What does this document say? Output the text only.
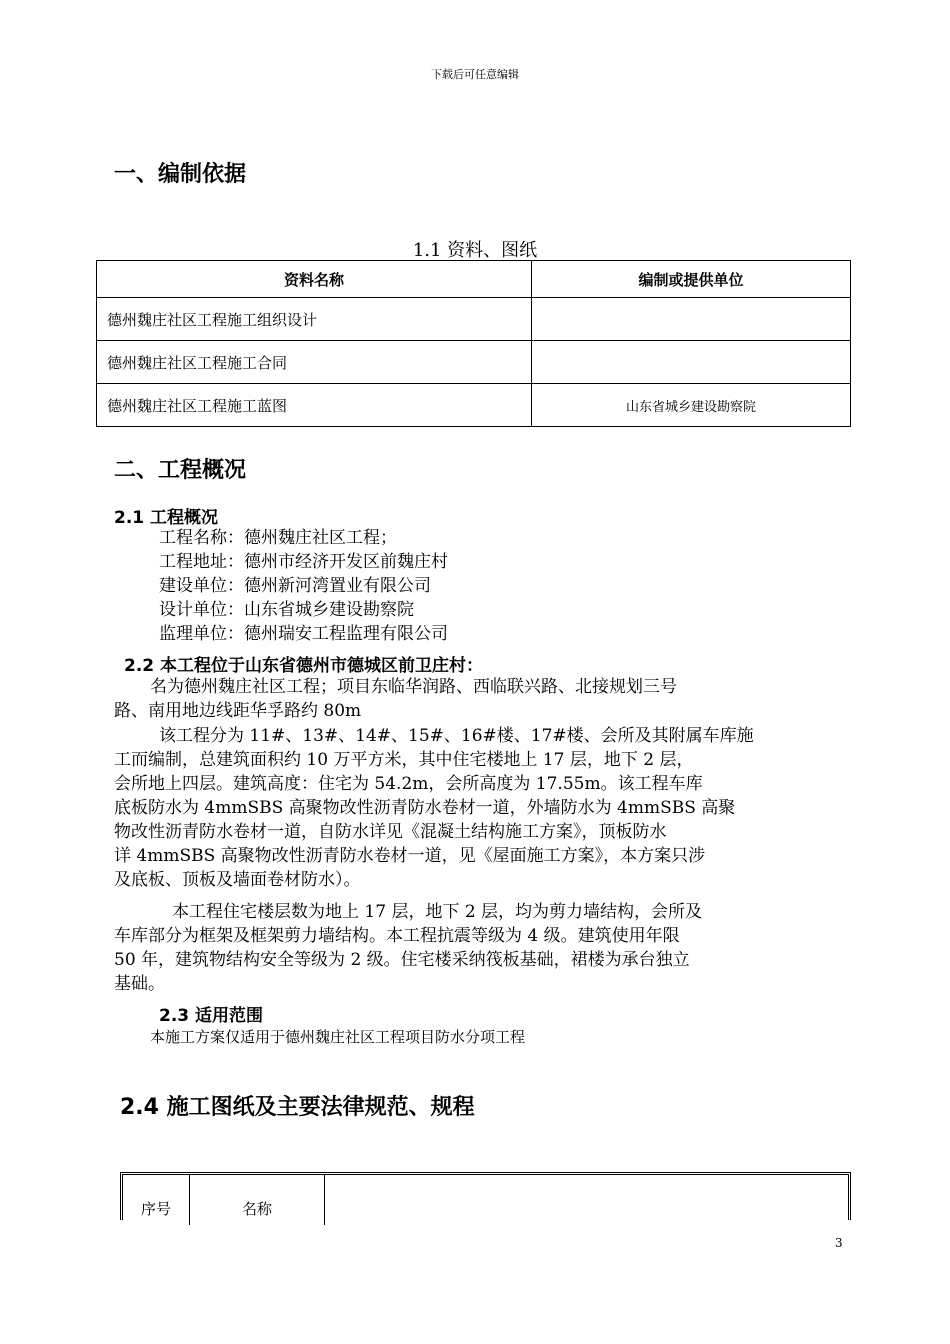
下载后可任意编辑
一、编制依据
1.1 资料、图纸
资料名称	编制或提供单位
德州魏庄社区工程施工组织设计	
德州魏庄社区工程施工合同	
德州魏庄社区工程施工蓝图	山东省城乡建设勘察院
二、工程概况
2.1 工程概况
工程名称：德州魏庄社区工程；
工程地址：德州市经济开发区前魏庄村
建设单位：德州新河湾置业有限公司
设计单位：山东省城乡建设勘察院
监理单位：德州瑞安工程监理有限公司
2.2 本工程位于山东省德州市德城区前卫庄村：
名为德州魏庄社区工程；项目东临华润路、西临联兴路、北接规划三号
路、南用地边线距华孚路约 80m
该工程分为 11#、13#、14#、15#、16#楼、17#楼、会所及其附属车库施
工而编制，总建筑面积约 10 万平方米，其中住宅楼地上 17 层，地下 2 层，
会所地上四层。建筑高度：住宅为 54.2m，会所高度为 17.55m。该工程车库
底板防水为 4mmSBS 高聚物改性沥青防水卷材一道，外墙防水为 4mmSBS 高聚
物改性沥青防水卷材一道，自防水详见《混凝土结构施工方案》，顶板防水
详 4mmSBS 高聚物改性沥青防水卷材一道，见《屋面施工方案》，本方案只涉
及底板、顶板及墙面卷材防水）。
本工程住宅楼层数为地上 17 层，地下 2 层，均为剪力墙结构，会所及
车库部分为框架及框架剪力墙结构。本工程抗震等级为 4 级。建筑使用年限
50 年，建筑物结构安全等级为 2 级。住宅楼采纳筏板基础，裙楼为承台独立
基础。
2.3 适用范围
本施工方案仅适用于德州魏庄社区工程项目防水分项工程
2.4 施工图纸及主要法律规范、规程
序号	名称	
3
